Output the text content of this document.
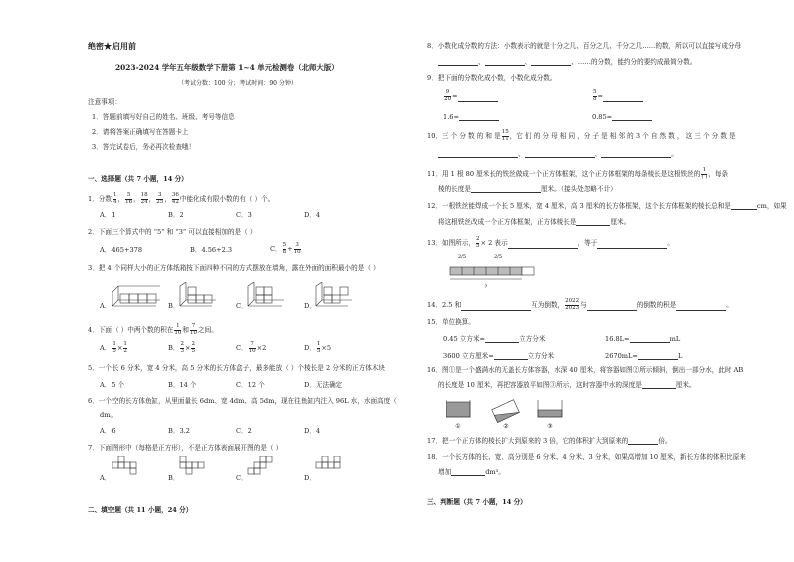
绝密★启用前
2023-2024 学年五年级数学下册第 1~4 单元检测卷（北师大版）
（考试分数：100 分；考试时间：90 分钟）
注意事项：
1．答题前填写好自己的姓名、班级、考号等信息
2．请将答案正确填写在答题卡上
3．答完试卷后，务必再次检查哦！
一、选择题（共 7 小题，14 分）
1．分数 $\frac{1}{4}$ ， $\frac{5}{16}$ ， $\frac{18}{24}$ ， $\frac{3}{25}$ ， $\frac{36}{42}$ 中能化成有限小数的有（ ）个。
A．1	B．2	C．3	D．4
2．下面三个算式中的 “5” 和 “3” 可以直接相加的是（ ）
A．465+378	B．4.56+2.3	C． $\frac{5}{8} + \frac{3}{10}$
3．把 4 个同样大小的正方体纸箱按下面四种不同的方式摆放在墙角，露在外面的面积最小的是（ ）
A．	B．	C．	D．
4．下面（ ）中两个数的积在 $\frac{1}{10}$ 和 $\frac{7}{10}$ 之间。
A． $\frac{1}{5} \times \frac{1}{2}$	B． $\frac{2}{3} \times \frac{2}{5}$	C． $\frac{7}{10} \times 2$	D． $\frac{1}{5} \times 5$
5．一个长 6 分米，宽 4 分米，高 5 分米的长方体盒子，最多能放（ ）个棱长是 2 分米的正方体木块
A．5 个	B．14 个	C．12 个	D．无法确定
6．一个空的长方体鱼缸，从里面量长 6dm、宽 4dm、高 5dm，现在往鱼缸内注入 96L 水，水面高度（
dm。
A．6	B．3.2	C．2	D．4
7．下面图形中（每格是正方形），不是正方体表面展开图的是（ ）
A．	B．	C．	D．
二、填空题（共 11 小题，24 分）
8．小数化成分数的方法：小数表示的就是十分之几、百分之几、千分之几……的数，所以可以直接写成分母
、	、	、……的分数，能约分的要约成最简分数。
9．把下面的分数化成小数，小数化成分数。
$\frac{9}{20}$ =	$\frac{5}{8}$ =
1.6=	0.85=
10．三 个 分 数 的 和 是 $\frac{15}{11}$ ，它 们 的 分 母 相 同 ，分 子 是 相 邻 的 3 个 自 然 数 ， 这 三 个 分 数 是
、	、	。
11．用 1 根 80 厘米长的铁丝做成一个正方体框架，这个正方体框架的每条棱长是这根铁丝的 $\frac{1}{( )}$ ，每条
棱的长度是	厘米。（接头处忽略不计）
12．一根铁丝能焊成一个长 5 厘米，宽 4 厘米，高 3 厘米的长方体框架，这个长方体框架的棱长总和是	cm，如果
将这根铁丝改成一个正方体框架，正方体棱长是	厘米。
13．如图所示， $\frac{2}{5} \times 2$ 表示	，等于	。
2/5	2/5
?
14．2.5 和	互为倒数， $\frac{2022}{2023}$ 与	的倒数的积是	。
15．单位换算。
0.45 立方米=	立方分米	16.8L=	mL
3600 立方厘米=	立方分米	2670mL=	L
16．图①是一个盛满水的无盖长方体容器，水深 40 厘米，将容器如图②所示倾斜，倒出一部分水，此时 AB
的长度是 10 厘米，再把容器放平如图③所示，这时容器中水的深度是	厘米。
①	②	③
17．把一个正方体的棱长扩大到原来的 3 倍，它的体积扩大到原来的	倍。
18．一个长方体的长、宽、高分别是 6 分米、4 分米、3 分米，如果高增加 10 厘米，新长方体的体积比原来
增加	dm³。
三、判断题（共 7 小题，14 分）
